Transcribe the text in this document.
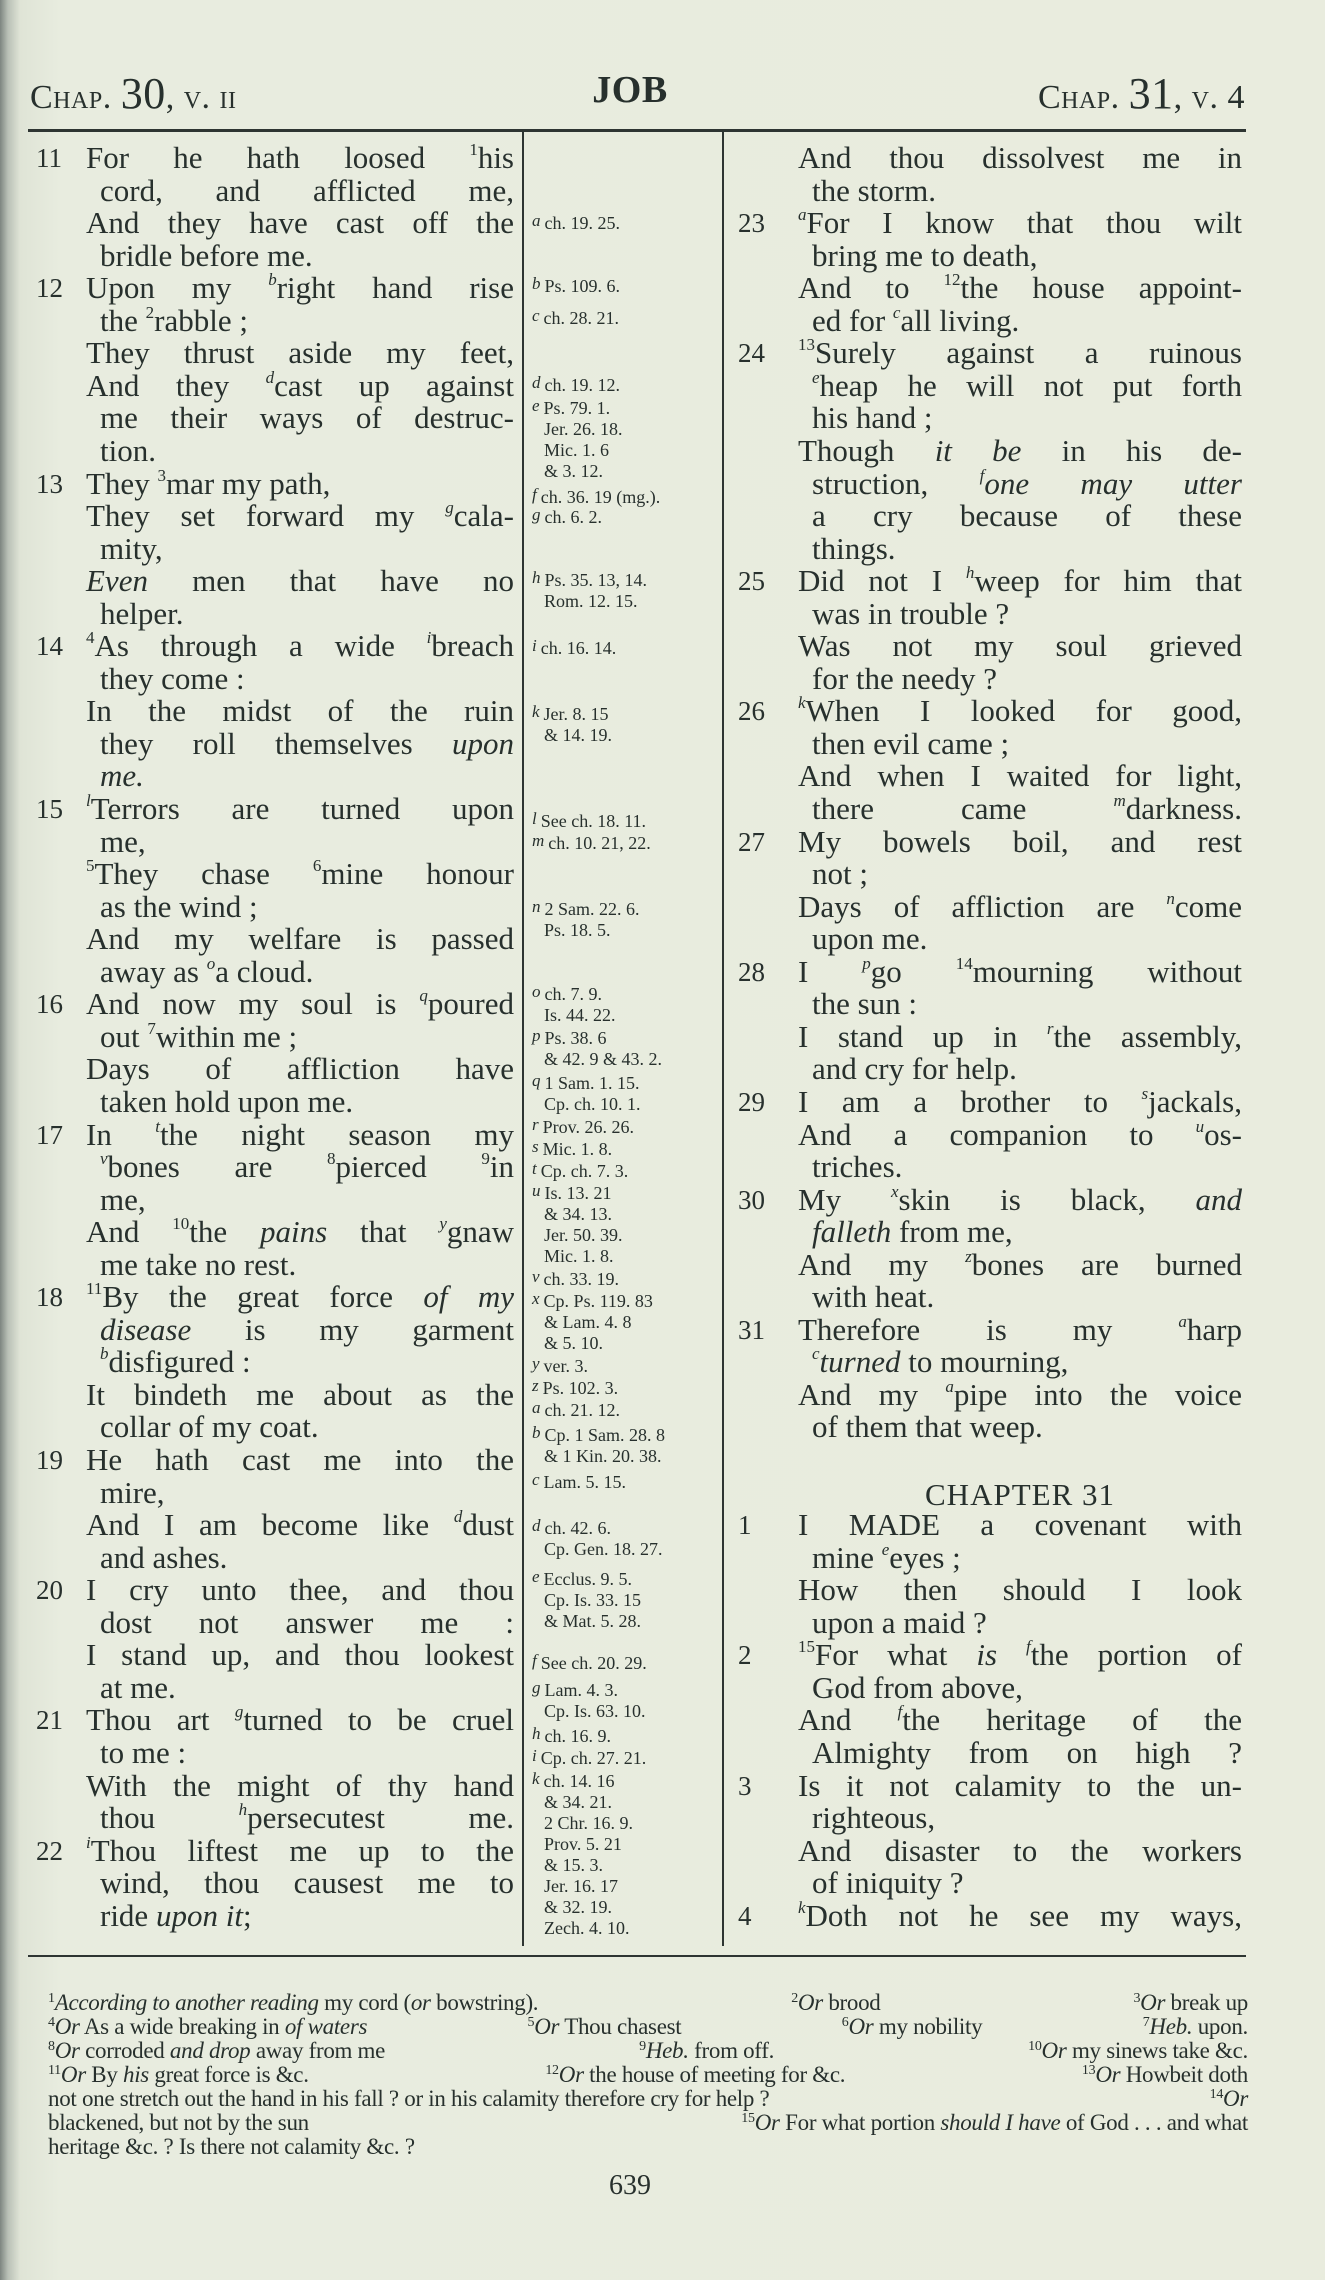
Chap. 30, v. ii	JOB	Chap. 31, v. 4
11 For he hath loosed $^1$his
cord, and afflicted me,
And they have cast off the
bridle before me.
12 Upon my $^b$right hand rise
the $^2$rabble ;
They thrust aside my feet,
And they $^d$cast up against
me their ways of destruc-
tion.
13 They $^3$mar my path,
They set forward my $^g$cala-
mity,
Even men that have no
helper.
14 $^4$As through a wide $^i$breach
they come :
In the midst of the ruin
they roll themselves upon
me.
15 $^l$Terrors are turned upon
me,
$^5$They chase $^6$mine honour
as the wind ;
And my welfare is passed
away as $^o$a cloud.
16 And now my soul is $^q$poured
out $^7$within me ;
Days of affliction have
taken hold upon me.
17 In $^t$the night season my
$^v$bones are $^8$pierced $^9$in
me,
And $^{10}$the pains that $^y$gnaw
me take no rest.
18 $^{11}$By the great force of my
disease is my garment
$^b$disfigured :
It bindeth me about as the
collar of my coat.
19 He hath cast me into the
mire,
And I am become like $^d$dust
and ashes.
20 I cry unto thee, and thou
dost not answer me :
I stand up, and thou lookest
at me.
21 Thou art $^g$turned to be cruel
to me :
With the might of thy hand
thou $^h$persecutest me.
22 $^i$Thou liftest me up to the
wind, thou causest me to
ride upon it;
And thou dissolvest me in
the storm.
23 $^a$For I know that thou wilt
bring me to death,
And to $^{12}$the house appoint-
ed for $^c$all living.
24 $^{13}$Surely against a ruinous
$^e$heap he will not put forth
his hand ;
Though it be in his de-
struction, $^f$one may utter
a cry because of these
things.
25 Did not I $^h$weep for him that
was in trouble ?
Was not my soul grieved
for the needy ?
26 $^k$When I looked for good,
then evil came ;
And when I waited for light,
there came $^m$darkness.
27 My bowels boil, and rest
not ;
Days of affliction are $^n$come
upon me.
28 I $^p$go $^{14}$mourning without
the sun :
I stand up in $^r$the assembly,
and cry for help.
29 I am a brother to $^s$jackals,
And a companion to $^u$os-
triches.
30 My $^x$skin is black, and
falleth from me,
And my $^z$bones are burned
with heat.
31 Therefore is my $^a$harp
$^c$turned to mourning,
And my $^a$pipe into the voice
of them that weep.
CHAPTER 31
1 I MADE a covenant with
mine $^e$eyes ;
How then should I look
upon a maid ?
2	$^{15}$For what is $^f$the portion of
God from above,
And $^f$the heritage of the
Almighty from on high ?
3 Is it not calamity to the un-
righteous,
And disaster to the workers
of iniquity ?
4	$^k$Doth not he see my ways,
$^a$ ch. 19. 25.
$^b$ Ps. 109. 6.
$^c$ ch. 28. 21.
$^d$ ch. 19. 12.
$^e$ Ps. 79. 1.
Jer. 26. 18.
Mic. 1. 6
& 3. 12.
$^f$ ch. 36. 19 (mg.).
$^g$ ch. 6. 2.
$^h$ Ps. 35. 13, 14.
Rom. 12. 15.
$^i$ ch. 16. 14.
$^k$ Jer. 8. 15
& 14. 19.
$^l$ See ch. 18. 11.
$^m$ ch. 10. 21, 22.
$^n$ 2 Sam. 22. 6.
Ps. 18. 5.
$^o$ ch. 7. 9.
Is. 44. 22.
$^p$ Ps. 38. 6
& 42. 9 & 43. 2.
$^q$ 1 Sam. 1. 15.
Cp. ch. 10. 1.
$^r$ Prov. 26. 26.
$^s$ Mic. 1. 8.
$^t$ Cp. ch. 7. 3.
$^u$ Is. 13. 21
& 34. 13.
Jer. 50. 39.
Mic. 1. 8.
$^v$ ch. 33. 19.
$^x$ Cp. Ps. 119. 83
& Lam. 4. 8
& 5. 10.
$^y$ ver. 3.
$^z$ Ps. 102. 3.
$^a$ ch. 21. 12.
$^b$ Cp. 1 Sam. 28. 8
& 1 Kin. 20. 38.
$^c$ Lam. 5. 15.
$^d$ ch. 42. 6.
Cp. Gen. 18. 27.
$^e$ Ecclus. 9. 5.
Cp. Is. 33. 15
& Mat. 5. 28.
$^f$ See ch. 20. 29.
$^g$ Lam. 4. 3.
Cp. Is. 63. 10.
$^h$ ch. 16. 9.
$^i$ Cp. ch. 27. 21.
$^k$ ch. 14. 16
& 34. 21.
2 Chr. 16. 9.
Prov. 5. 21
& 15. 3.
Jer. 16. 17
& 32. 19.
Zech. 4. 10.
$^1$According to another reading my cord (or bowstring).	$^2$Or brood	$^3$Or break up
$^4$Or As a wide breaking in of waters	$^5$Or Thou chasest	$^6$Or my nobility	$^7$Heb. upon.
$^8$Or corroded and drop away from me	$^9$Heb. from off.	$^{10}$Or my sinews take &c.
$^{11}$Or By his great force is &c.	$^{12}$Or the house of meeting for &c.	$^{13}$Or Howbeit doth
not one stretch out the hand in his fall ? or in his calamity therefore cry for help ?	$^{14}$Or
blackened, but not by the sun	$^{15}$Or For what portion should I have of God . . . and what
heritage &c. ? Is there not calamity &c. ?
639
